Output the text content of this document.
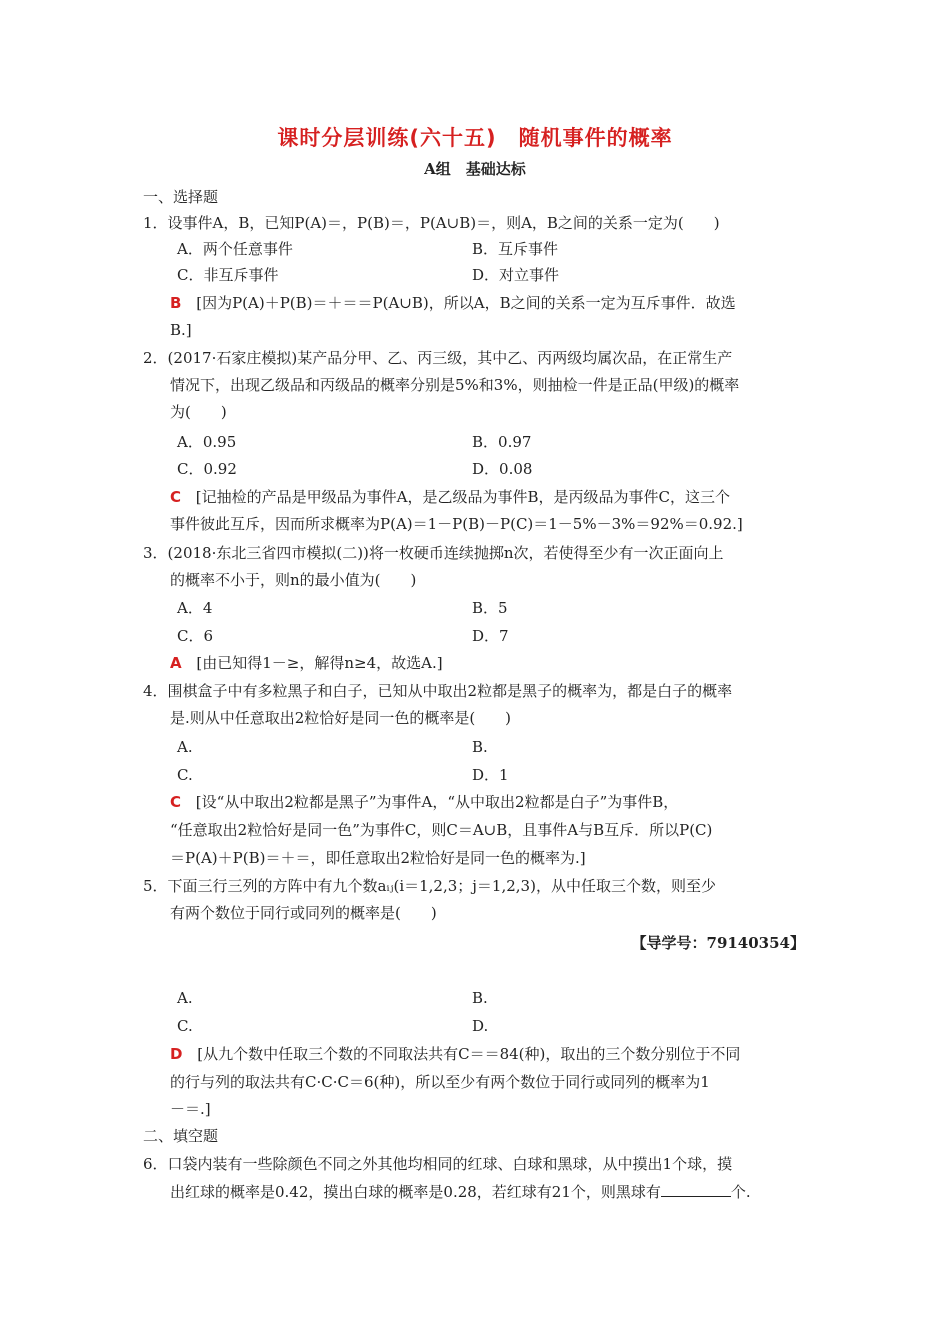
课时分层训练(六十五)　随机事件的概率
A组　基础达标
一、选择题
1．设事件A，B，已知P(A)＝，P(B)＝，P(A∪B)＝，则A，B之间的关系一定为(　　)
A．两个任意事件	B．互斥事件
C．非互斥事件	D．对立事件
B [因为P(A)＋P(B)＝＋＝＝P(A∪B)，所以A，B之间的关系一定为互斥事件．故选
B.]
2．(2017·石家庄模拟)某产品分甲、乙、丙三级，其中乙、丙两级均属次品，在正常生产
情况下，出现乙级品和丙级品的概率分别是5%和3%，则抽检一件是正品(甲级)的概率
为(　　)
A．0.95	B．0.97
C．0.92	D．0.08
C [记抽检的产品是甲级品为事件A，是乙级品为事件B，是丙级品为事件C，这三个
事件彼此互斥，因而所求概率为P(A)＝1－P(B)－P(C)＝1－5%－3%＝92%＝0.92.]
3．(2018·东北三省四市模拟(二))将一枚硬币连续抛掷n次，若使得至少有一次正面向上
的概率不小于，则n的最小值为(　　)
A．4	B．5
C．6	D．7
A [由已知得1－≥，解得n≥4，故选A.]
4．围棋盒子中有多粒黑子和白子，已知从中取出2粒都是黑子的概率为，都是白子的概率
是.则从中任意取出2粒恰好是同一色的概率是(　　)
A.	B.
C.	D．1
C [设“从中取出2粒都是黑子”为事件A，“从中取出2粒都是白子”为事件B，
“任意取出2粒恰好是同一色”为事件C，则C＝A∪B，且事件A与B互斥．所以P(C)
＝P(A)＋P(B)＝＋＝，即任意取出2粒恰好是同一色的概率为.]
5．下面三行三列的方阵中有九个数aᵢⱼ(i＝1,2,3；j＝1,2,3)，从中任取三个数，则至少
有两个数位于同行或同列的概率是(　　)
【导学号：79140354】
A.	B.
C.	D.
D [从九个数中任取三个数的不同取法共有C＝＝84(种)，取出的三个数分别位于不同
的行与列的取法共有C·C·C＝6(种)，所以至少有两个数位于同行或同列的概率为1
－＝.]
二、填空题
6．口袋内装有一些除颜色不同之外其他均相同的红球、白球和黑球，从中摸出1个球，摸
出红球的概率是0.42，摸出白球的概率是0.28，若红球有21个，则黑球有	个.
